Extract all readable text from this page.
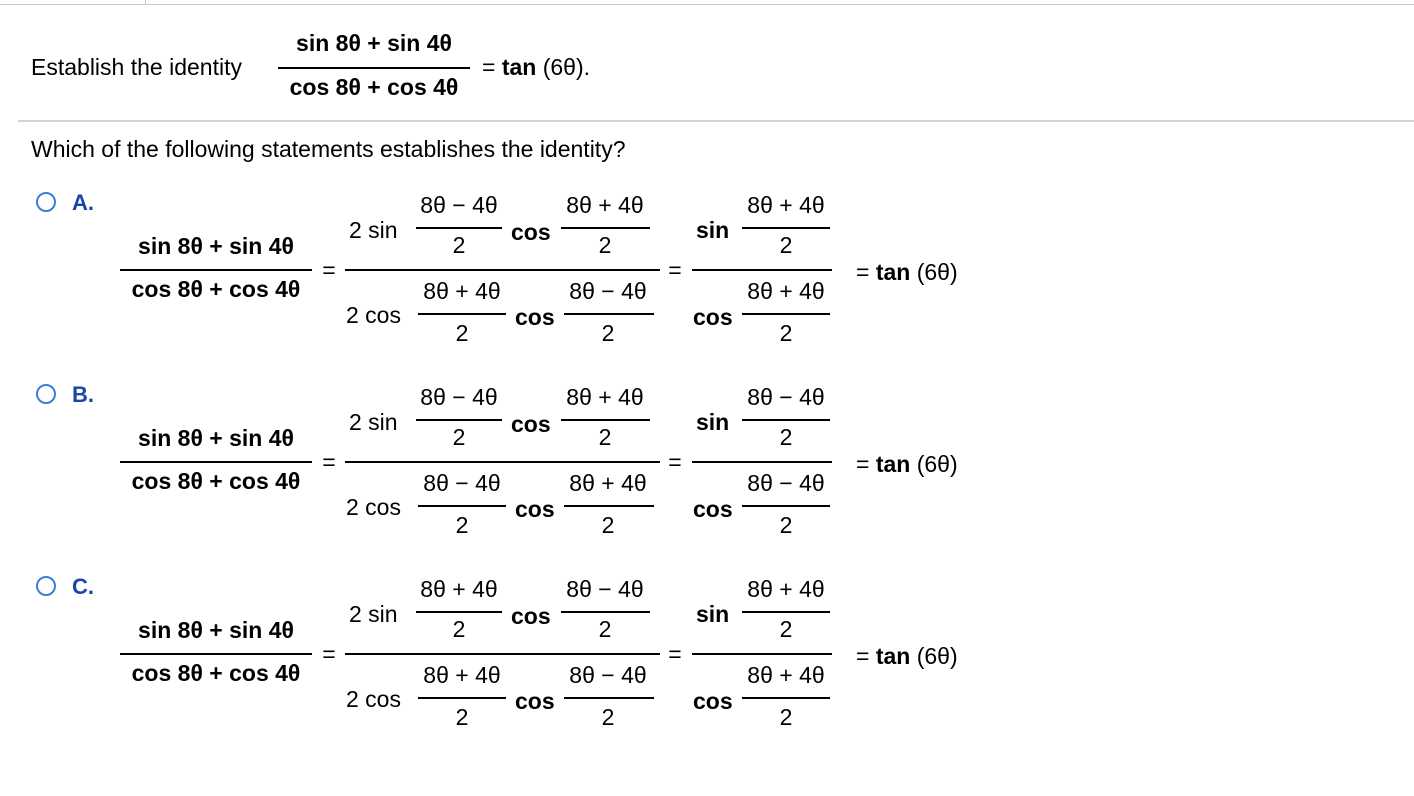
Establish the identity
sin 8θ + sin 4θ
cos 8θ + cos 4θ
= tan (6θ).
Which of the following statements establishes the identity?
A.
sin 8θ + sin 4θ
cos 8θ + cos 4θ
=
2 sin
8θ − 4θ
2 cos
8θ + 4θ
2
2 cos
8θ + 4θ
2
cos
8θ − 4θ
2
=
sin
8θ + 4θ
2
cos
8θ + 4θ
2
= tan (6θ)
B.
sin 8θ + sin 4θ
cos 8θ + cos 4θ
=
2 sin
8θ − 4θ
2 cos
8θ + 4θ
2
2 cos
8θ − 4θ
2
cos
8θ + 4θ
2
=
sin
8θ − 4θ
2
cos
8θ − 4θ
2
= tan (6θ)
C.
sin 8θ + sin 4θ
cos 8θ + cos 4θ
=
2 sin
8θ + 4θ
2 cos
8θ − 4θ
2
2 cos
8θ + 4θ
2
cos
8θ − 4θ
2
=
sin
8θ + 4θ
2
cos
8θ + 4θ
2
= tan (6θ)
